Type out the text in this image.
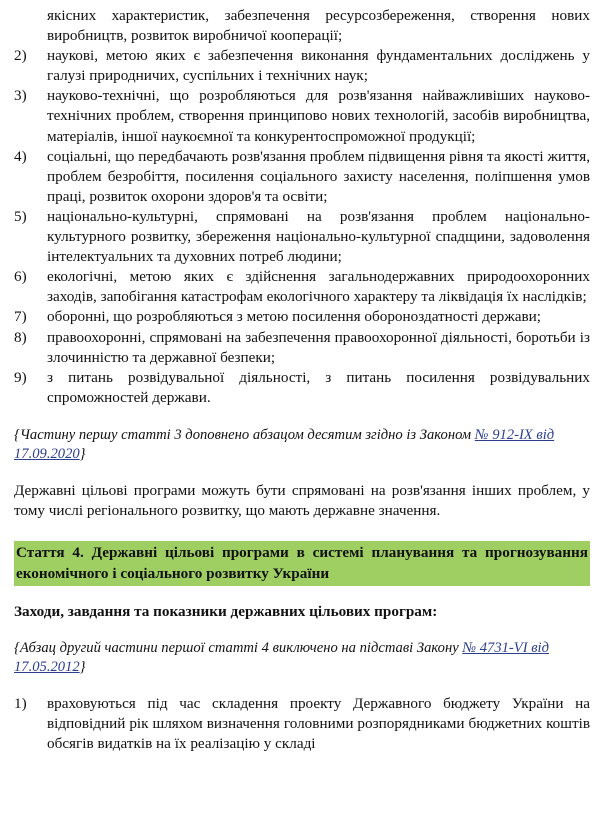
якісних характеристик, забезпечення ресурсозбереження, створення нових виробництв, розвиток виробничої кооперації;
2)	наукові, метою яких є забезпечення виконання фундаментальних досліджень у галузі природничих, суспільних і технічних наук;
3)	науково-технічні, що розробляються для розв'язання найважливіших науково-технічних проблем, створення принципово нових технологій, засобів виробництва, матеріалів, іншої наукоємної та конкурентоспроможної продукції;
4)	соціальні, що передбачають розв'язання проблем підвищення рівня та якості життя, проблем безробіття, посилення соціального захисту населення, поліпшення умов праці, розвиток охорони здоров'я та освіти;
5)	національно-культурні, спрямовані на розв'язання проблем національно-культурного розвитку, збереження національно-культурної спадщини, задоволення інтелектуальних та духовних потреб людини;
6)	екологічні, метою яких є здійснення загальнодержавних природоохоронних заходів, запобігання катастрофам екологічного характеру та ліквідація їх наслідків;
7)	оборонні, що розробляються з метою посилення обороноздатності держави;
8)	правоохоронні, спрямовані на забезпечення правоохоронної діяльності, боротьби із злочинністю та державної безпеки;
9)	з питань розвідувальної діяльності, з питань посилення розвідувальних спроможностей держави.

{Частину першу статті 3 доповнено абзацом десятим згідно із Законом № 912-IX від 17.09.2020}

Державні цільові програми можуть бути спрямовані на розв'язання інших проблем, у тому числі регіонального розвитку, що мають державне значення.

Стаття 4. Державні цільові програми в системі планування та прогнозування економічного і соціального розвитку України

Заходи, завдання та показники державних цільових програм:

{Абзац другий частини першої статті 4 виключено на підставі Закону № 4731-VI від 17.05.2012}

1)	враховуються під час складення проекту Державного бюджету України на відповідний рік шляхом визначення головними розпорядниками бюджетних коштів обсягів видатків на їх реалізацію у складі
